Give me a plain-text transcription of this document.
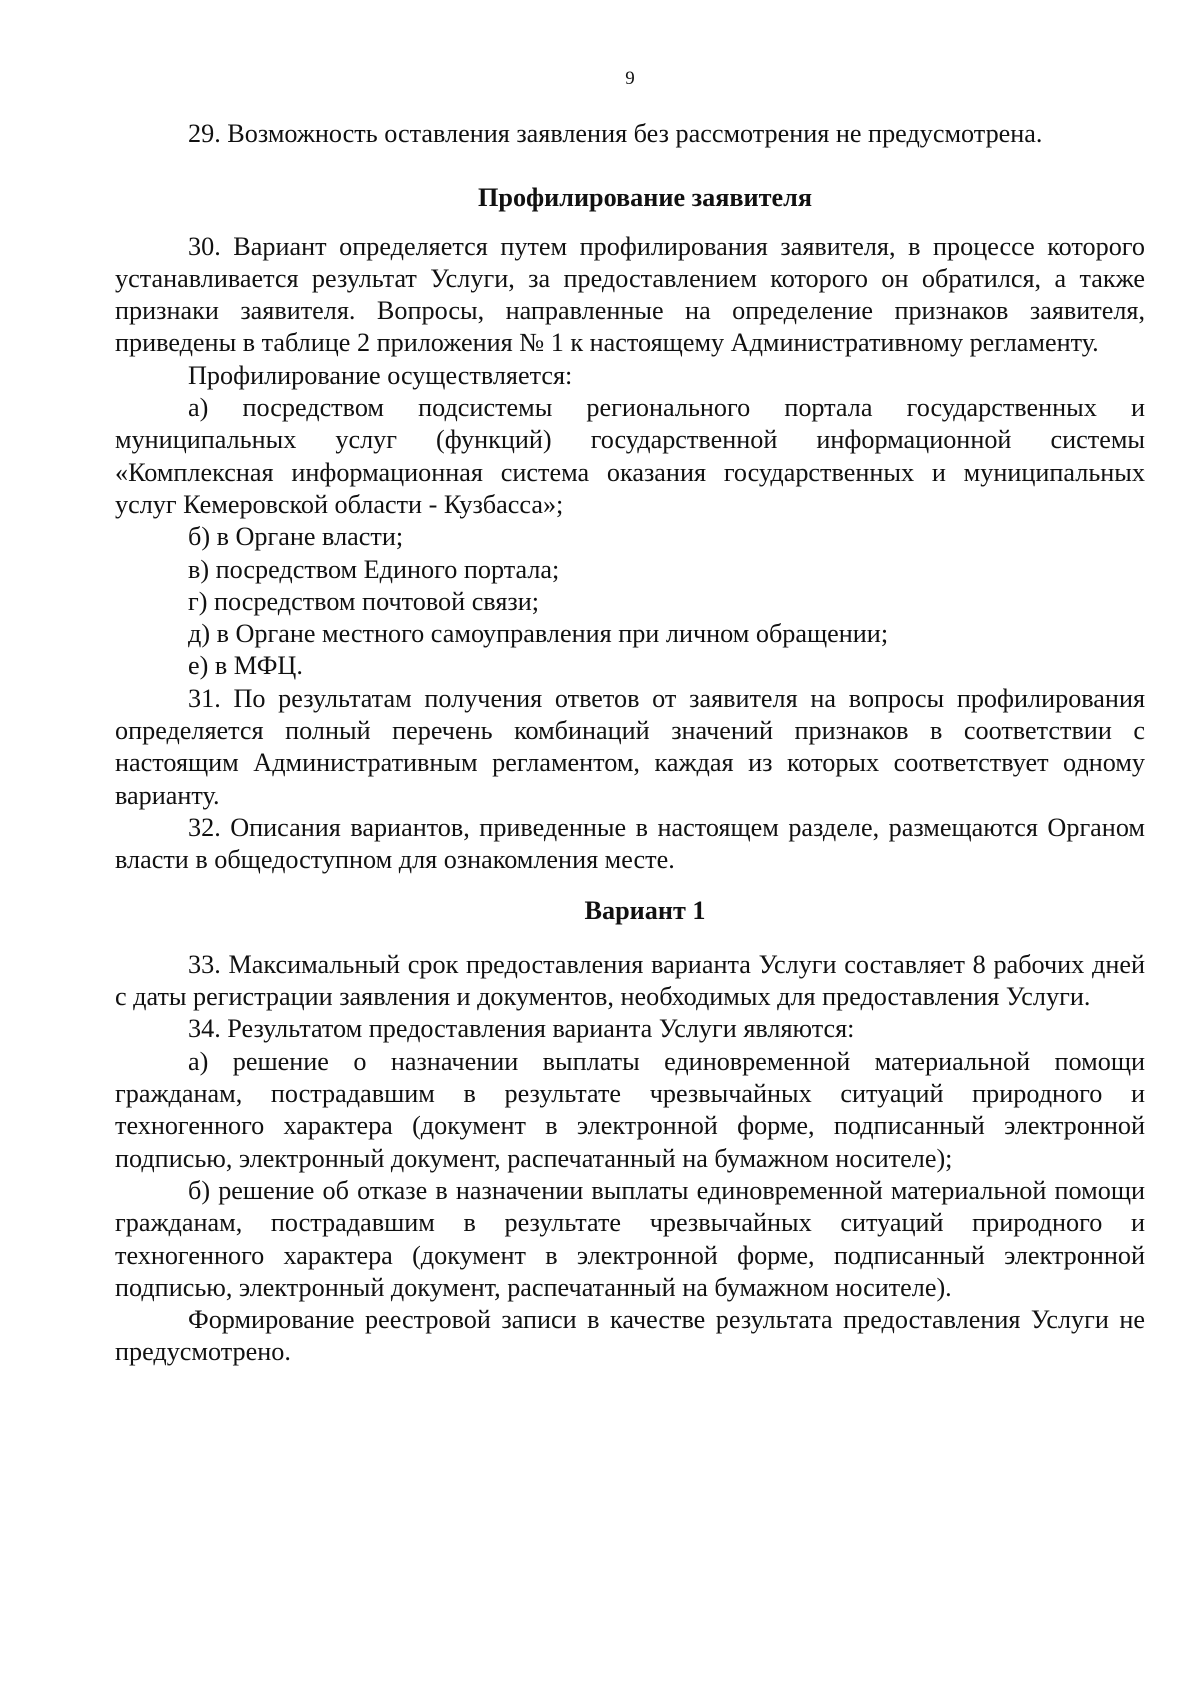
9

29. Возможность оставления заявления без рассмотрения не предусмотрена.

Профилирование заявителя

30. Вариант определяется путем профилирования заявителя, в процессе которого устанавливается результат Услуги, за предоставлением которого он обратился, а также признаки заявителя. Вопросы, направленные на определение признаков заявителя, приведены в таблице 2 приложения № 1 к настоящему Административному регламенту.

Профилирование осуществляется:

а) посредством подсистемы регионального портала государственных и муниципальных услуг (функций) государственной информационной системы «Комплексная информационная система оказания государственных и муниципальных услуг Кемеровской области - Кузбасса»;

б) в Органе власти;

в) посредством Единого портала;

г) посредством почтовой связи;

д) в Органе местного самоуправления при личном обращении;

е) в МФЦ.

31. По результатам получения ответов от заявителя на вопросы профилирования определяется полный перечень комбинаций значений признаков в соответствии с настоящим Административным регламентом, каждая из которых соответствует одному варианту.

32. Описания вариантов, приведенные в настоящем разделе, размещаются Органом власти в общедоступном для ознакомления месте.

Вариант 1

33. Максимальный срок предоставления варианта Услуги составляет 8 рабочих дней с даты регистрации заявления и документов, необходимых для предоставления Услуги.

34. Результатом предоставления варианта Услуги являются:

а) решение о назначении выплаты единовременной материальной помощи гражданам, пострадавшим в результате чрезвычайных ситуаций природного и техногенного характера (документ в электронной форме, подписанный электронной подписью, электронный документ, распечатанный на бумажном носителе);

б) решение об отказе в назначении выплаты единовременной материальной помощи гражданам, пострадавшим в результате чрезвычайных ситуаций природного и техногенного характера (документ в электронной форме, подписанный электронной подписью, электронный документ, распечатанный на бумажном носителе).

Формирование реестровой записи в качестве результата предоставления Услуги не предусмотрено.
